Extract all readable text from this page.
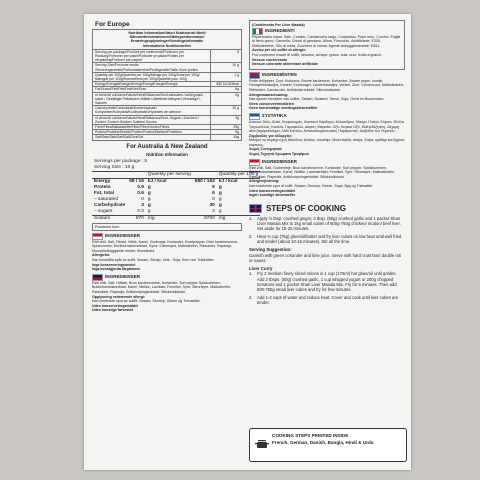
For Europe
Nutrition Information/Valori Nutrizionali Medi/
Nährwertinformationen/Näringsinformation/
Ernæringsoplysninger/Voedingsinformatie
Informations Nutritionnelles
Serving per package/Porzioni per confezione/Portionen pro Packung/Portioner per paket/Portioner pr pakke/Porties per verpakking/Portions par paquet	5
Serving Size/Porzione media /Serveringsstorlek/Portionsstørrelse/Portiegrootte/Taille d'une portion	10 g
Quantity per 100g/Quantità per 100g/Menge pro 100g/Antal per 100g/ Mængde per 100g/Hoeveelheid per 100g/Quantité pour 100g	1 g
Energy/Energia/Energie/Energi/Energi/Energie/Énergie	680 kJ/163kcal
Fat/Grassi/Fett/Fett/Fedt/Vet/Gras	6g
of which/di cui/davon/Varav/Heraf/Waarvan/Dont saturates /-acidi grassi saturi / Gesättigte Fettsäuren/-Mättat /-Mættede fedtsyrer/-Verzadigd /-Saturés	0g
Carbohydrate/Carboidrati/Kohlenhydrate/ Kolhydrater/Kulhydrat/Koolhydraten/Hydrates de carbone	30 g
of which/di cui/davon/Varav/Heraf/Waarvan/Dont -Sugars /-Zuccheri /-Zucker/-Socker/-Sukker/-Suikers/-Sucres	3g
Fibre/Fibra/Ballaststoffe/Fiber/Fiber/Vezels/Fibres	29g
Protein/Proteine/Eiweiß/Protein/Protein/Eiwitten/Protéines	9g
Salt/Sale/Salz/Salt/Salt/Zout/Sel	34g
For Australia & New Zealand
Nutrition Information
Servings per package : 5				
Serving Size : 10 g				
		Quantity per serving		Quantity per 100 g
Energy	68 / 16	kJ / kcal	680 / 163	kJ / kcal
Protein	0.9	g	9	g
Fat, total	0.6	g	6	g
– saturated	0	g	0	g
Carbohydrate	3	g	30	g
– sugars	0.3	g	3	g
Sodium	870	mg	8700	mg
Powdered form
INGREDIENSER
Rött chili, Salt, Färskt, Vitlök, Kanel, Gurkmeja, Koriander, Svartpeppar, Grön kardemumma, Spiskummin, Bockhornsklöverblad, Syror: Citronsyra, Maltodextrin, Rissocker, Rapsolja, Klumpförebyggande medel: Kiseldioxid.
Allergiråd:
Kan innehålla spår av sulfit, Sesam, Senap, Vete , Soja, Kren och Trädnötter.
Inga konserveringsmedel
Inga konstgjorda färgämnen
INGREDIENSER
Rød chili, Salt, Hvitløk, Brun kardemomme, Koriander, Sort pepper Spiskummen, Bukkehornkløverblad, Kanel, Nellike, Laurbær, Fennikel, Syre: Sitronsyre, Maltodextrin, Rørsukker, Rapsolje, Antiklumpingsmiddel: Silisiumdioksid.
Opplysning vedrørende allergi:
Kan inneholde spor av sulfitt, Sesam, Sennep, Gluten og Trenødder.
Uden konserveringsmiddel
Uden kunstige farvestof
(Condimento Per Liver Masala)
INGREDIENTI
Peperoncino rosso, Sale, Cumino, Cardamomo largo, Coriandolo, Pepe nero, Cumino, Foglie di fieno greco, Cannella, Chiodi di garofano, Alloro, Finocchio, Acidificante: E330, Maltodestrine, Olio di colza, Zucchero di canna, Agente Antiagglomerante: E551.
Avviso per chi soffre di allergie:
Può contenere tracce di solfiti, sesamo, senape, grano, soia, orzo, frutta a guscio.
Nessun conservante
Nessun colorante alimentare artificiale
INGREDIËNTEN
Rode chilipeper, Zout, Kurkuma, Bruine kardemom, Koriander, Zwarte peper, komijn, Fenegriekblaadjes, Kaneel, Kruidnagel, Laurierblaadjes, Venkel, Zuur: Citroenzuur, Maltodextrine, Rietsuiker, Canola-olie, Antiklontermiddel: Siliciumdioxide.
Allergiewaarschuwing:
Kan sporen bevatten van sulfiet, Sesam, Mosterd, Tarwe, Soja, Gerst en Boomnoten.
Geen conserveermiddelen
Geen kunstmatige voedingskleurstoffen
ΣΥΣΤΑΤΙΚΑ
Κόκκινο Τσίλι, Αλάτι, Κουρκουμάς, Καστανό Κάρδαμο, Κόλιανδρος, Μαύρο Πιπέρι, Κύμινο, Φύλλα Τριγωνέλλας, Κανέλα, Γαρύφαλλο, Δάφνη, Μάραθο, Οξύ: Κιτρικό Οξύ, Μαλτοδεξτρίνη, Ζάχαρη από ζαχαροκάλαμο, Λάδι Κανόλα, Αντισυσσωματωτικός Παράγοντας: Διοξείδιο του Πυριτίου.
Συμβουλές για αλλεργίες:
Μπορεί να περιέχει ίχνη θειώδους άλατος, σουσάμι, Μουστάρδα, σιτάρι, Σόγια, κριθάρι και ξηρούς καρπούς.
Χωρίς Συντηρητικά
Χωρίς Τεχνητά Χρώματα Τροφίμων
INGREDIENSER
Rød chili, Salt, Gurkemeje, Brun kardemomme, Koriander, Sort pepper, Spidskommen, Bukkehornsfrøblade, Kanel, Nellike, Laurbærblad, Fennikel, Syre: Sitronsyre, Maltodekstrin, Rørsukker, Rapsolie, Antiklumpningsmiddel: Siliciumdioksid.
Allergivejledning:
Kan indeholde spor af sulfit, Sesam, Sennep, Hvede, Soya, Byg og Trænøtter.
Uden konserveringsmiddel
Ingen kunstige farvestoffer
STEPS OF COOKING
1.	Apply ½ tbsp. crushed ginger, 2 tbsp. (50g) crushed garlic and 1 packet Shan Liver Masala Mix to 1kg small cubes of 500g-750g chicken/ mutton/ beef liver. Set aside for 15-20 minutes.
2.	Heat ¾ cup (75g) ghee/oil/butter and fry liver cubes on low heat until well fried and tender (about 10-15 minutes). Stir all the time.
Serving Suggestion:
Garnish with green coriander and lime juice. Serve with hard crust bun/ double roti or naans.
Liver Curry
1.	Fry 2 medium finely sliced onions in 1 cup (175ml) hot ghee/oil until golden. Add 2 tbsps. (50g) crushed garlic, 1 cup whipped yogurt or 200g chopped tomatoes and 1 packet Shan Liver Masala Mix. Fry for 5 minutes. Then add 500-750g small liver cubes and fry for few minutes.
2.	Add 1-2 cups of water and reduce heat. Cover and cook until liver cubes are tender.
COOKING STEPS PRINTED INSIDE
French, German, Danish, Bangla, Hindi & Urdu
